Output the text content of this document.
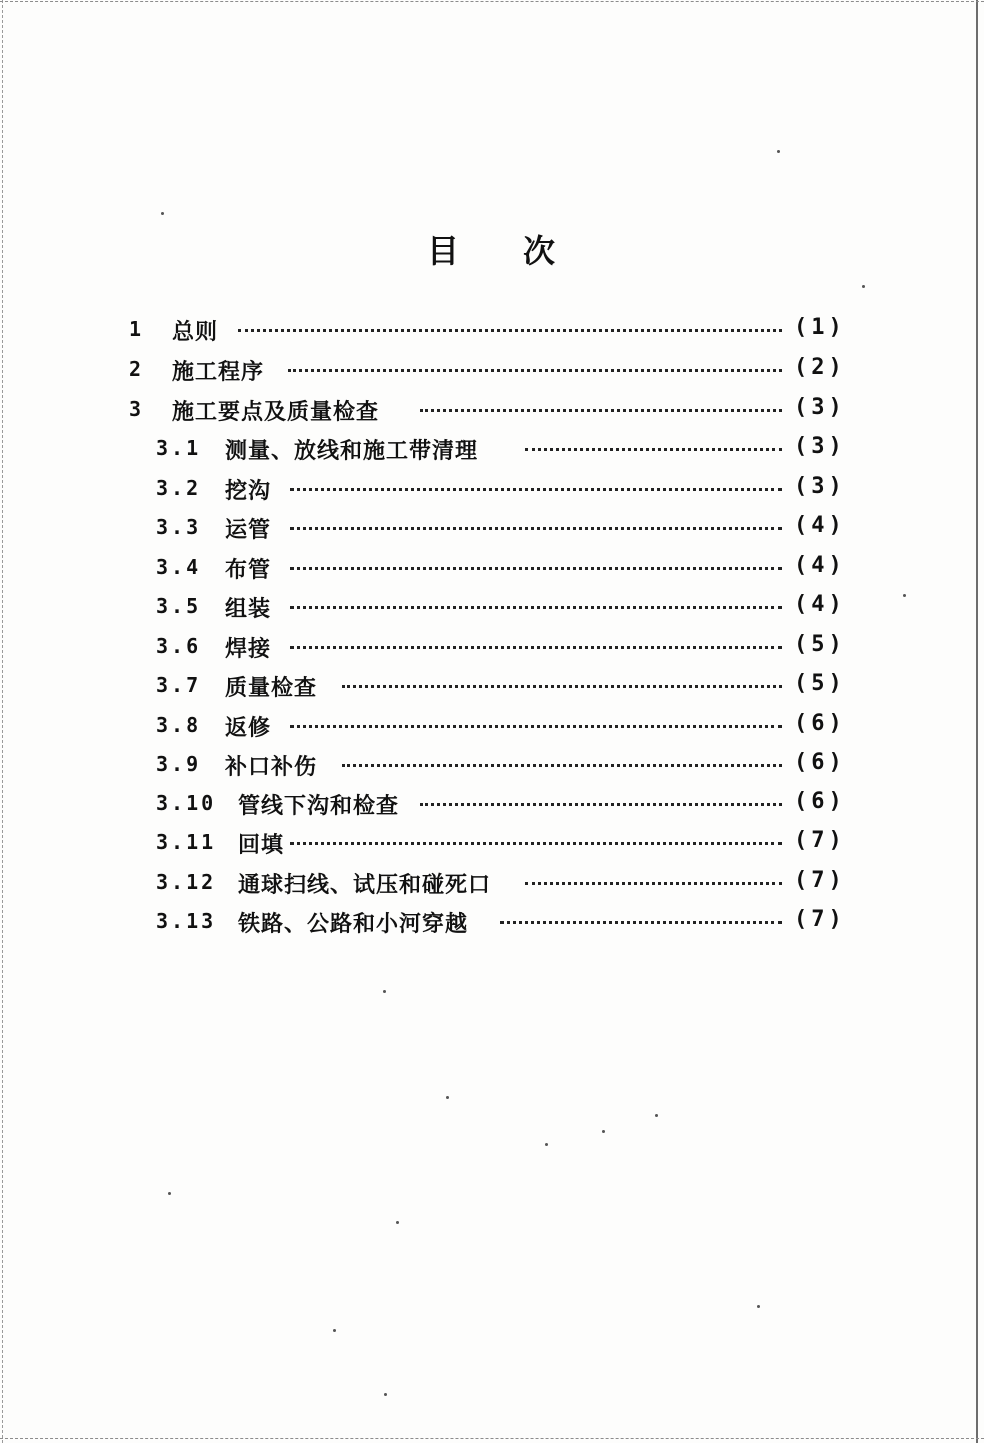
目 次
1 总则	(1)
2 施工程序	(2)
3 施工要点及质量检查	(3)
3.1 测量、放线和施工带清理	(3)
3.2 挖沟	(3)
3.3 运管	(4)
3.4 布管	(4)
3.5 组装	(4)
3.6 焊接	(5)
3.7 质量检查	(5)
3.8 返修	(6)
3.9 补口补伤	(6)
3.10 管线下沟和检查	(6)
3.11 回填	(7)
3.12 通球扫线、试压和碰死口	(7)
3.13 铁路、公路和小河穿越	(7)
